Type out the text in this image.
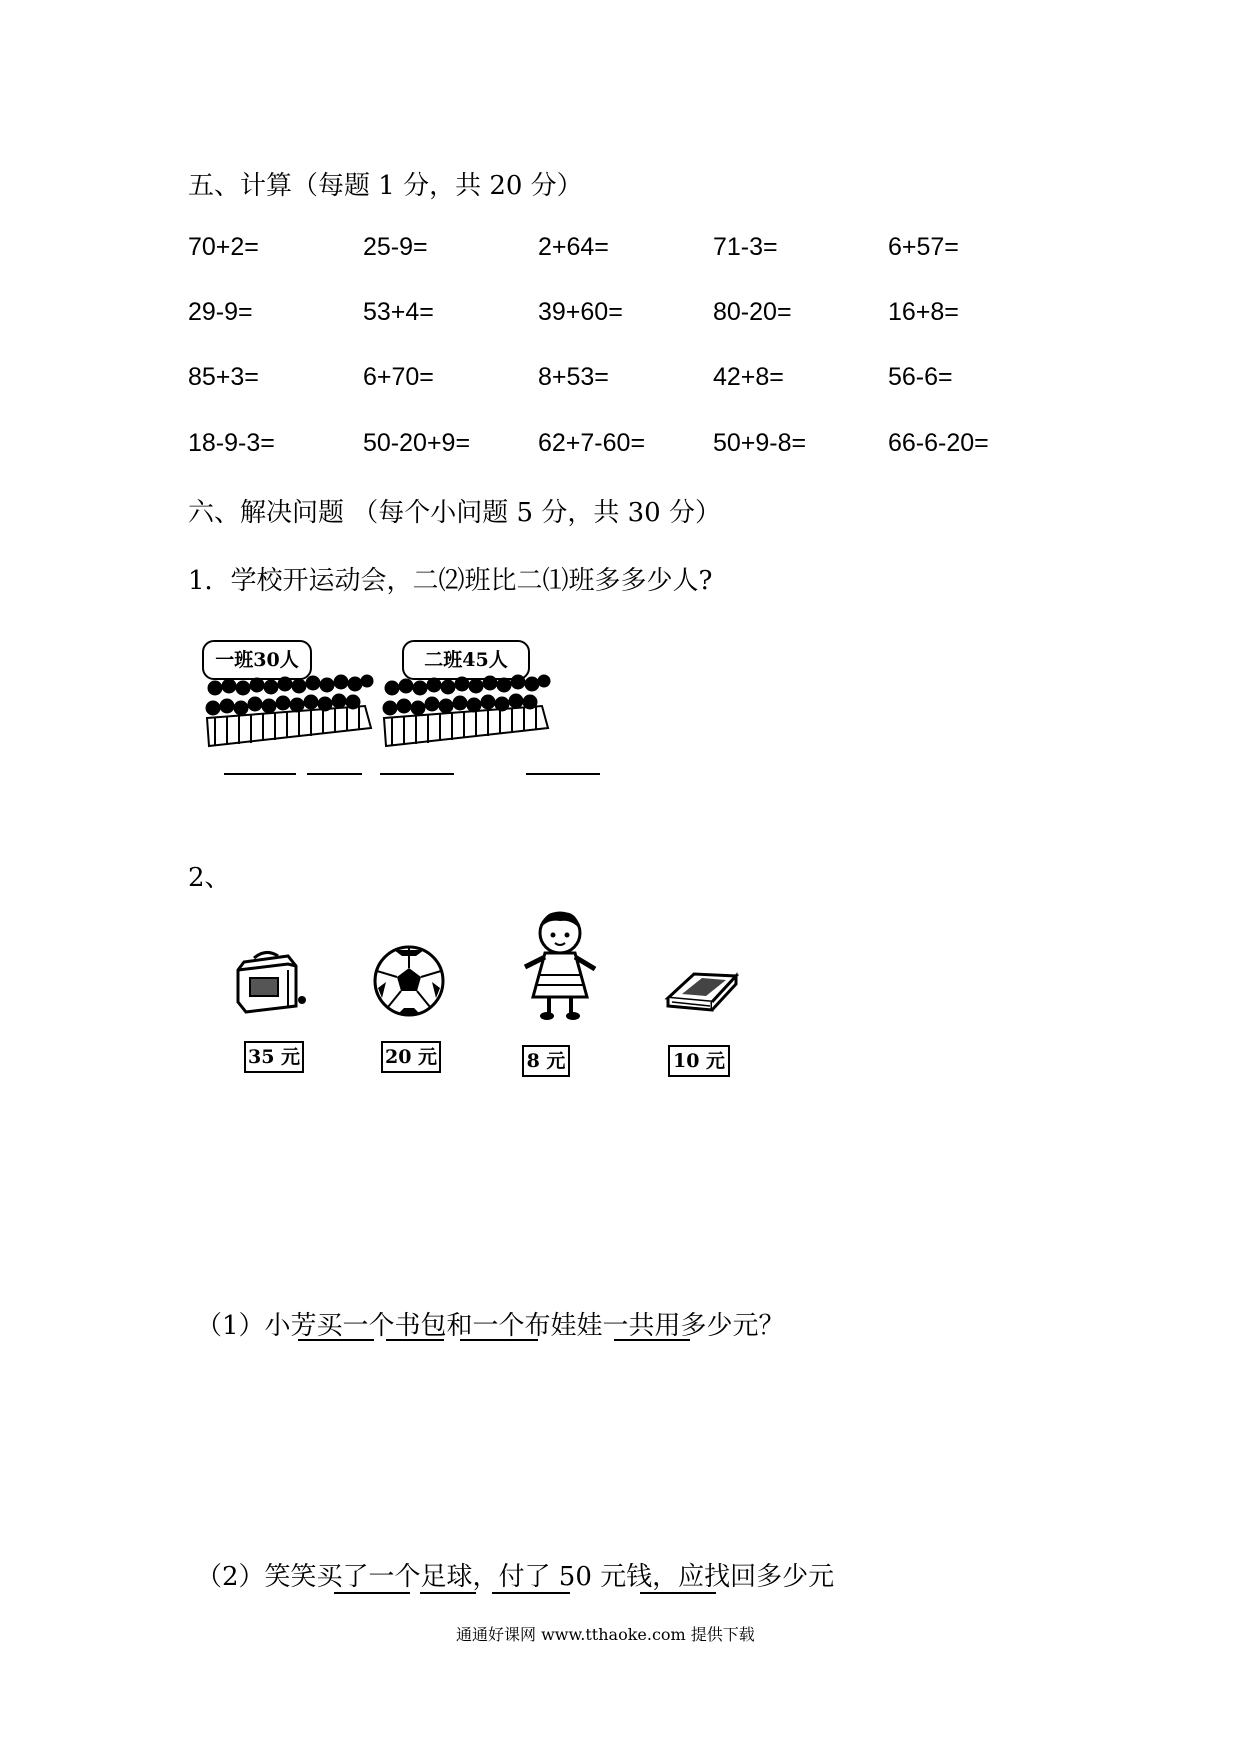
五、计算（每题 1 分，共 20 分）
70+2=	25-9=	2+64=	71-3=	6+57=
29-9=	53+4=	39+60=	80-20=	16+8=
85+3=	6+70=	8+53=	42+8=	56-6=
18-9-3=	50-20+9=	62+7-60=	50+9-8=	66-6-20=
六、解决问题 （每个小问题 5 分，共 30 分）
1．学校开运动会，二⑵班比二⑴班多多少人?
一班30人	二班45人
2、
35 元	20 元	8 元	10 元
（1）小芳买一个书包和一个布娃娃一共用多少元？
（2）笑笑买了一个足球，付了 50 元钱，应找回多少元
通通好课网 www.tthaoke.com 提供下载
